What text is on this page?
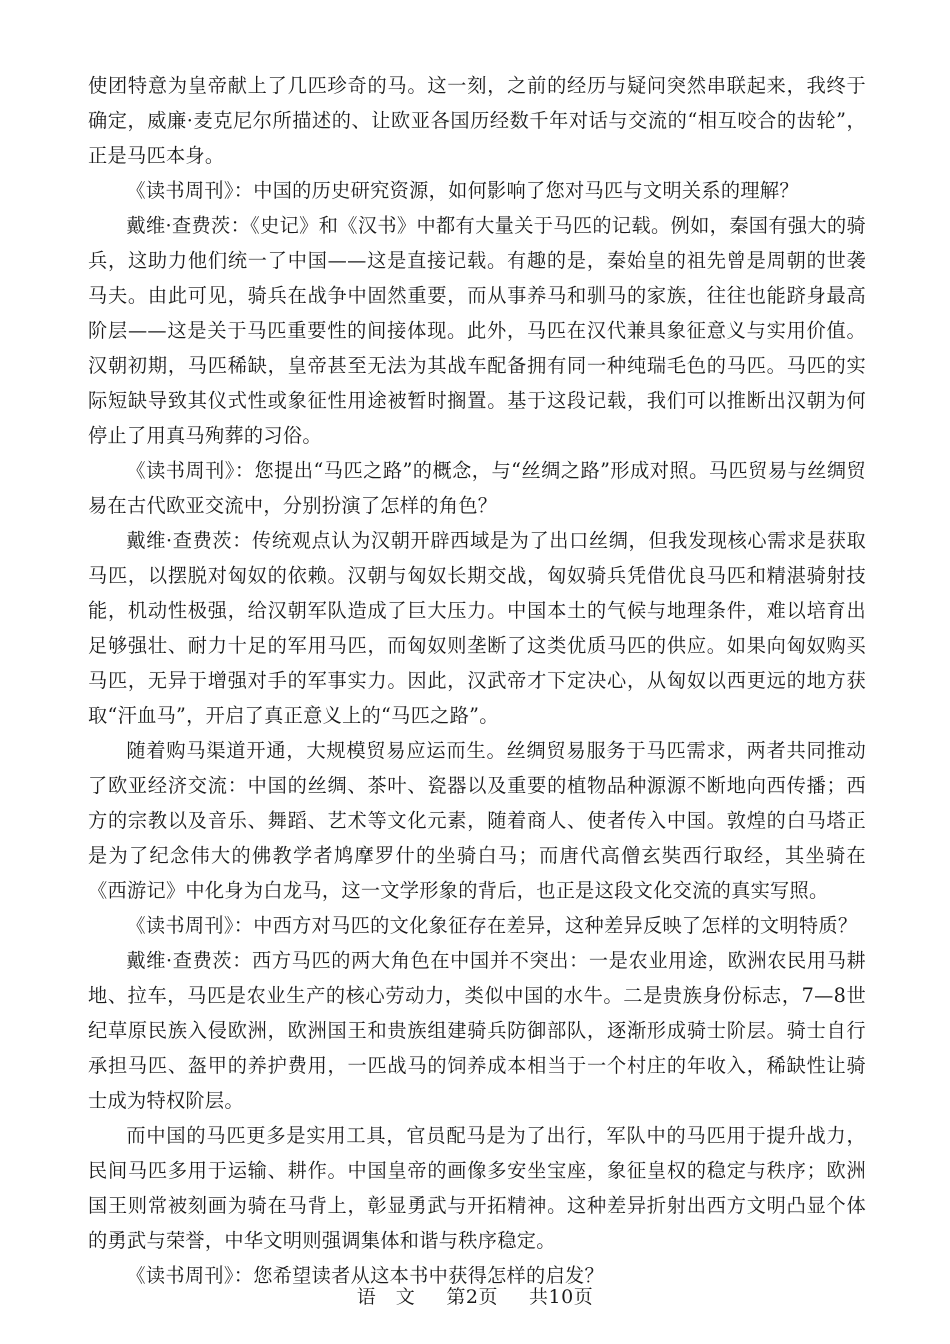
使团特意为皇帝献上了几匹珍奇的马。这一刻，之前的经历与疑问突然串联起来，我终于确定，威廉·麦克尼尔所描述的、让欧亚各国历经数千年对话与交流的“相互咬合的齿轮”，正是马匹本身。

《读书周刊》：中国的历史研究资源，如何影响了您对马匹与文明关系的理解？

戴维·查费茨：《史记》和《汉书》中都有大量关于马匹的记载。例如，秦国有强大的骑兵，这助力他们统一了中国——这是直接记载。有趣的是，秦始皇的祖先曾是周朝的世袭马夫。由此可见，骑兵在战争中固然重要，而从事养马和驯马的家族，往往也能跻身最高阶层——这是关于马匹重要性的间接体现。此外，马匹在汉代兼具象征意义与实用价值。汉朝初期，马匹稀缺，皇帝甚至无法为其战车配备拥有同一种纯瑞毛色的马匹。马匹的实际短缺导致其仪式性或象征性用途被暂时搁置。基于这段记载，我们可以推断出汉朝为何停止了用真马殉葬的习俗。

《读书周刊》：您提出“马匹之路”的概念，与“丝绸之路”形成对照。马匹贸易与丝绸贸易在古代欧亚交流中，分别扮演了怎样的角色？

戴维·查费茨：传统观点认为汉朝开辟西域是为了出口丝绸，但我发现核心需求是获取马匹，以摆脱对匈奴的依赖。汉朝与匈奴长期交战，匈奴骑兵凭借优良马匹和精湛骑射技能，机动性极强，给汉朝军队造成了巨大压力。中国本土的气候与地理条件，难以培育出足够强壮、耐力十足的军用马匹，而匈奴则垄断了这类优质马匹的供应。如果向匈奴购买马匹，无异于增强对手的军事实力。因此，汉武帝才下定决心，从匈奴以西更远的地方获取“汗血马”，开启了真正意义上的“马匹之路”。

随着购马渠道开通，大规模贸易应运而生。丝绸贸易服务于马匹需求，两者共同推动了欧亚经济交流：中国的丝绸、茶叶、瓷器以及重要的植物品种源源不断地向西传播；西方的宗教以及音乐、舞蹈、艺术等文化元素，随着商人、使者传入中国。敦煌的白马塔正是为了纪念伟大的佛教学者鸠摩罗什的坐骑白马；而唐代高僧玄奘西行取经，其坐骑在《西游记》中化身为白龙马，这一文学形象的背后，也正是这段文化交流的真实写照。

《读书周刊》：中西方对马匹的文化象征存在差异，这种差异反映了怎样的文明特质？

戴维·查费茨：西方马匹的两大角色在中国并不突出：一是农业用途，欧洲农民用马耕地、拉车，马匹是农业生产的核心劳动力，类似中国的水牛。二是贵族身份标志，7—8世纪草原民族入侵欧洲，欧洲国王和贵族组建骑兵防御部队，逐渐形成骑士阶层。骑士自行承担马匹、盔甲的养护费用，一匹战马的饲养成本相当于一个村庄的年收入，稀缺性让骑士成为特权阶层。

而中国的马匹更多是实用工具，官员配马是为了出行，军队中的马匹用于提升战力，民间马匹多用于运输、耕作。中国皇帝的画像多安坐宝座，象征皇权的稳定与秩序；欧洲国王则常被刻画为骑在马背上，彰显勇武与开拓精神。这种差异折射出西方文明凸显个体的勇武与荣誉，中华文明则强调集体和谐与秩序稳定。

《读书周刊》：您希望读者从这本书中获得怎样的启发？

语　文 第2页 共10页
